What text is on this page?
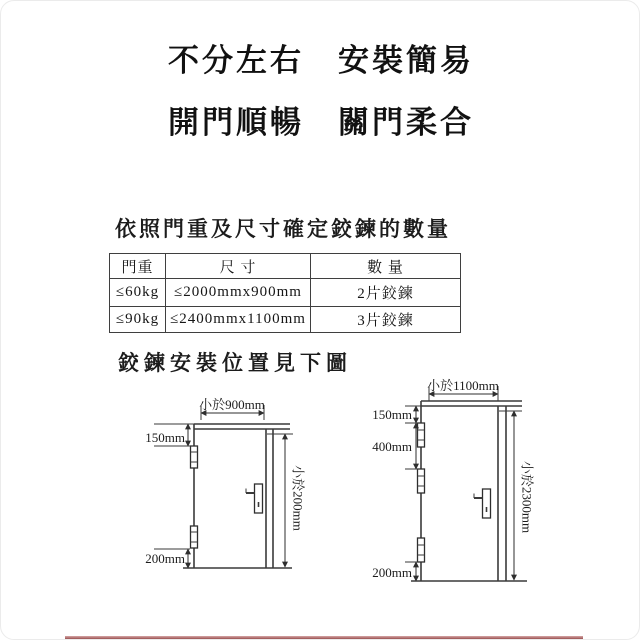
不分左右　安裝簡易
開門順暢　關門柔合
依照門重及尺寸確定鉸鍊的數量
門重	尺 寸	數 量
≤60kg	≤2000mmx900mm	2片鉸鍊
≤90kg	≤2400mmx1100mm	3片鉸鍊
鉸鍊安裝位置見下圖
小於900mm
150mm
200mm
小於200mm
小於1100mm
150mm
400mm
200mm
小於2300mm
